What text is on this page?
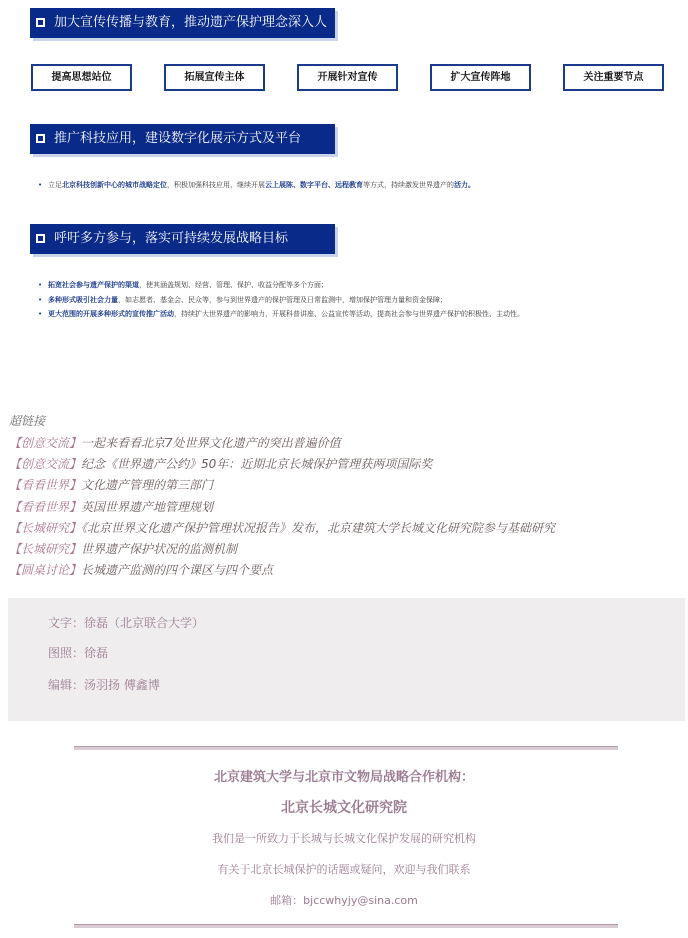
加大宣传传播与教育，推动遗产保护理念深入人心
提高思想站位	拓展宣传主体	开展针对宣传	扩大宣传阵地	关注重要节点
推广科技应用，建设数字化展示方式及平台
• 立足北京科技创新中心的城市战略定位，积极加强科技应用，继续开展云上展陈、数字平台、远程教育等方式，持续激发世界遗产的活力。
呼吁多方参与，落实可持续发展战略目标
• 拓宽社会参与遗产保护的渠道，使其涵盖规划、经营、管理、保护、收益分配等多个方面；
• 多种形式吸引社会力量，如志愿者、基金会、民众等，参与到世界遗产的保护管理及日常监测中，增加保护管理力量和资金保障；
• 更大范围的开展多种形式的宣传推广活动，持续扩大世界遗产的影响力，开展科普讲座、公益宣传等活动，提高社会参与世界遗产保护的积极性、主动性。
超链接
【创意交流】一起来看看北京7处世界文化遗产的突出普遍价值
【创意交流】纪念《世界遗产公约》50年：近期北京长城保护管理获两项国际奖
【看看世界】文化遗产管理的第三部门
【看看世界】英国世界遗产地管理规划
【长城研究】《北京世界文化遗产保护管理状况报告》发布，北京建筑大学长城文化研究院参与基础研究
【长城研究】世界遗产保护状况的监测机制
【圆桌讨论】长城遗产监测的四个课区与四个要点
文字：徐磊（北京联合大学）
图照：徐磊
编辑：汤羽扬 傅鑫博
北京建筑大学与北京市文物局战略合作机构：
北京长城文化研究院
我们是一所致力于长城与长城文化保护发展的研究机构
有关于北京长城保护的话题或疑问，欢迎与我们联系
邮箱：bjccwhyjy@sina.com
